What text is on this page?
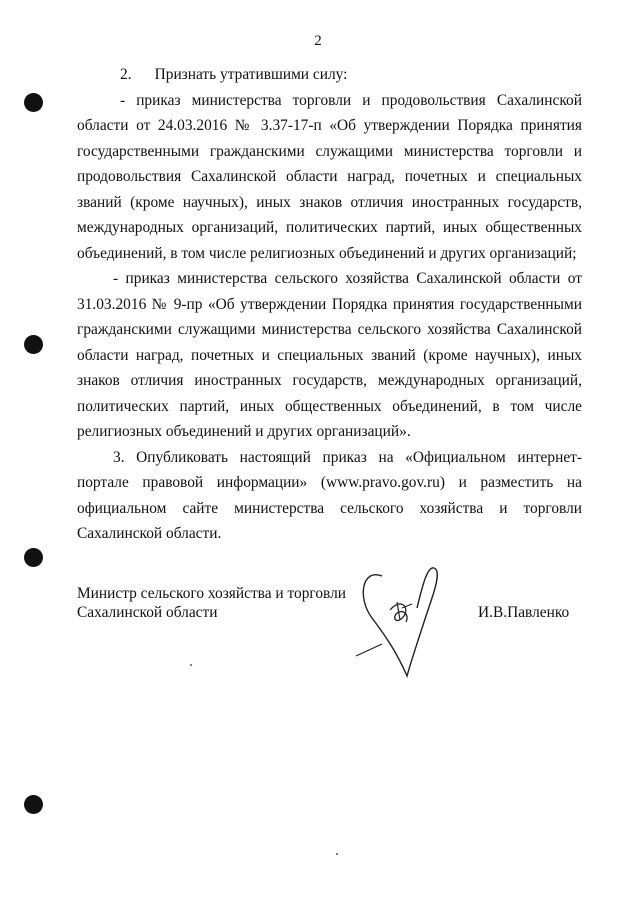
2

2.      Признать утратившими силу:

- приказ министерства торговли и продовольствия Сахалинской области от 24.03.2016 № 3.37-17-п «Об утверждении Порядка принятия государственными гражданскими служащими министерства торговли и продовольствия Сахалинской области наград, почетных и специальных званий (кроме научных), иных знаков отличия иностранных государств, международных организаций, политических партий, иных общественных объединений, в том числе религиозных объединений и других организаций;

- приказ министерства сельского хозяйства Сахалинской области от 31.03.2016 № 9-пр «Об утверждении Порядка принятия государственными гражданскими служащими министерства сельского хозяйства Сахалинской области наград, почетных и специальных званий (кроме научных), иных знаков отличия иностранных государств, международных организаций, политических партий, иных общественных объединений, в том числе религиозных объединений и других организаций».

3. Опубликовать настоящий приказ на «Официальном интернет-портале правовой информации» (www.pravo.gov.ru) и разместить на официальном сайте министерства сельского хозяйства и торговли Сахалинской области.

Министр сельского хозяйства и торговли
Сахалинской области	И.В.Павленко
